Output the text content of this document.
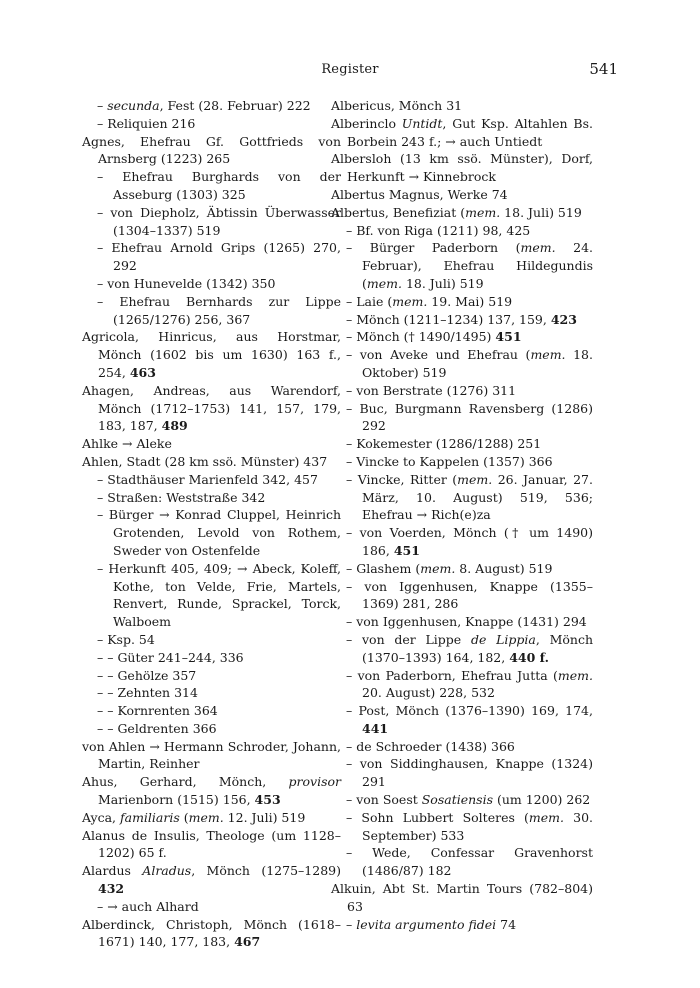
Register	541
– secunda, Fest (28. Februar) 222
– Reliquien 216
Agnes, Ehefrau Gf. Gottfrieds von Arnsberg (1223) 265
– Ehefrau Burghards von der Asseburg (1303) 325
– von Diepholz, Äbtissin Überwasser (1304–1337) 519
– Ehefrau Arnold Grips (1265) 270, 292
– von Hunevelde (1342) 350
– Ehefrau Bernhards zur Lippe (1265/1276) 256, 367
Agricola, Hinricus, aus Horstmar, Mönch (1602 bis um 1630) 163 f., 254, 463
Ahagen, Andreas, aus Warendorf, Mönch (1712–1753) 141, 157, 179, 183, 187, 489
Ahlke → Aleke
Ahlen, Stadt (28 km ssö. Münster) 437
– Stadthäuser Marienfeld 342, 457
– Straßen: Weststraße 342
– Bürger → Konrad Cluppel, Heinrich Grotenden, Levold von Rothem, Sweder von Ostenfelde
– Herkunft 405, 409; → Abeck, Koleff, Kothe, ton Velde, Frie, Martels, Renvert, Runde, Sprackel, Torck, Walboem
– Ksp. 54
– – Güter 241–244, 336
– – Gehölze 357
– – Zehnten 314
– – Kornrenten 364
– – Geldrenten 366
von Ahlen → Hermann Schroder, Johann, Martin, Reinher
Ahus, Gerhard, Mönch, provisor Marienborn (1515) 156, 453
Ayca, familiaris (mem. 12. Juli) 519
Alanus de Insulis, Theologe (um 1128–1202) 65 f.
Alardus Alradus, Mönch (1275–1289) 432
– → auch Alhard
Alberdinck, Christoph, Mönch (1618–1671) 140, 177, 183, 467
Albericus, Mönch 31
Alberinclo Untidt, Gut Ksp. Altahlen Bs. Borbein 243 f.; → auch Untiedt
Albersloh (13 km ssö. Münster), Dorf, Herkunft → Kinnebrock
Albertus Magnus, Werke 74
Albertus, Benefiziat (mem. 18. Juli) 519
– Bf. von Riga (1211) 98, 425
– Bürger Paderborn (mem. 24. Februar), Ehefrau Hildegundis (mem. 18. Juli) 519
– Laie (mem. 19. Mai) 519
– Mönch (1211–1234) 137, 159, 423
– Mönch († 1490/1495) 451
– von Aveke und Ehefrau (mem. 18. Oktober) 519
– von Berstrate (1276) 311
– Buc, Burgmann Ravensberg (1286) 292
– Kokemester (1286/1288) 251
– Vincke to Kappelen (1357) 366
– Vincke, Ritter (mem. 26. Januar, 27. März, 10. August) 519, 536; Ehefrau → Rich(e)za
– von Voerden, Mönch († um 1490) 186, 451
– Glashem (mem. 8. August) 519
– von Iggenhusen, Knappe (1355–1369) 281, 286
– von Iggenhusen, Knappe (1431) 294
– von der Lippe de Lippia, Mönch (1370–1393) 164, 182, 440 f.
– von Paderborn, Ehefrau Jutta (mem. 20. August) 228, 532
– Post, Mönch (1376–1390) 169, 174, 441
– de Schroeder (1438) 366
– von Siddinghausen, Knappe (1324) 291
– von Soest Sosatiensis (um 1200) 262
– Sohn Lubbert Solteres (mem. 30. September) 533
– Wede, Confessar Gravenhorst (1486/87) 182
Alkuin, Abt St. Martin Tours (782–804) 63
– levita argumento fidei 74
